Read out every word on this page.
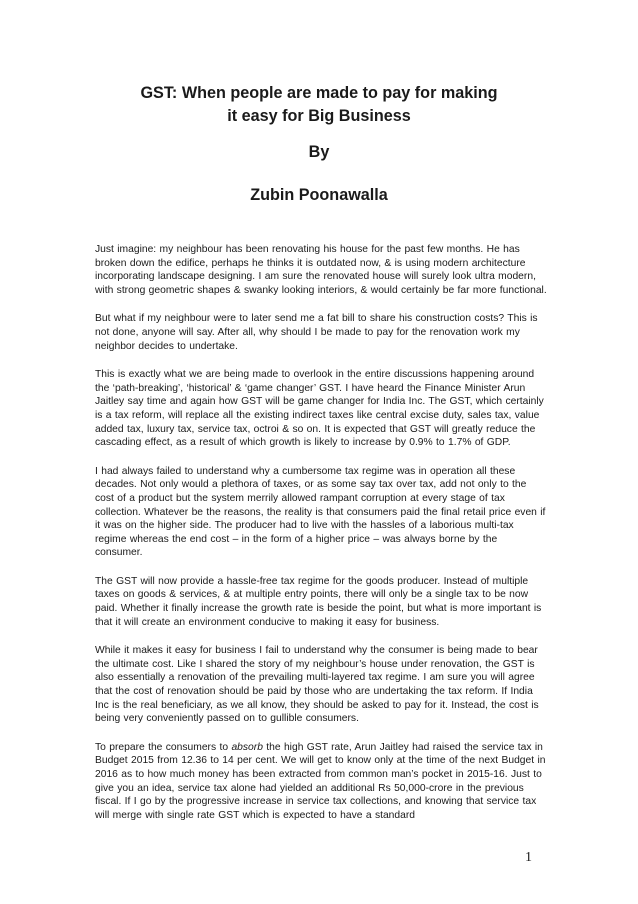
GST: When people are made to pay for making
it easy for Big Business

By

Zubin Poonawalla

Just imagine: my neighbour has been renovating his house for the past few months. He has broken down the edifice, perhaps he thinks it is outdated now, & is using modern architecture incorporating landscape designing. I am sure the renovated house will surely look ultra modern, with strong geometric shapes & swanky looking interiors, & would certainly be far more functional.

But what if my neighbour were to later send me a fat bill to share his construction costs? This is not done, anyone will say. After all, why should I be made to pay for the renovation work my neighbor decides to undertake.

This is exactly what we are being made to overlook in the entire discussions happening around the ‘path-breaking’, ‘historical’ & ‘game changer’ GST. I have heard the Finance Minister Arun Jaitley say time and again how GST will be game changer for India Inc. The GST, which certainly is a tax reform, will replace all the existing indirect taxes like central excise duty, sales tax, value added tax, luxury tax, service tax, octroi & so on. It is expected that GST will greatly reduce the cascading effect, as a result of which growth is likely to increase by 0.9% to 1.7% of GDP.

I had always failed to understand why a cumbersome tax regime was in operation all these decades. Not only would a plethora of taxes, or as some say tax over tax, add not only to the cost of a product but the system merrily allowed rampant corruption at every stage of tax collection. Whatever be the reasons, the reality is that consumers paid the final retail price even if it was on the higher side. The producer had to live with the hassles of a laborious multi-tax regime whereas the end cost – in the form of a higher price – was always borne by the consumer.

The GST will now provide a hassle-free tax regime for the goods producer. Instead of multiple taxes on goods & services, & at multiple entry points, there will only be a single tax to be now paid. Whether it finally increase the growth rate is beside the point, but what is more important is that it will create an environment conducive to making it easy for business.

While it makes it easy for business I fail to understand why the consumer is being made to bear the ultimate cost. Like I shared the story of my neighbour’s house under renovation, the GST is also essentially a renovation of the prevailing multi-layered tax regime. I am sure you will agree that the cost of renovation should be paid by those who are undertaking the tax reform. If India Inc is the real beneficiary, as we all know, they should be asked to pay for it. Instead, the cost is being very conveniently passed on to gullible consumers.

To prepare the consumers to absorb the high GST rate, Arun Jaitley had raised the service tax in Budget 2015 from 12.36 to 14 per cent. We will get to know only at the time of the next Budget in 2016 as to how much money has been extracted from common man’s pocket in 2015-16. Just to give you an idea, service tax alone had yielded an additional Rs 50,000-crore in the previous fiscal. If I go by the progressive increase in service tax collections, and knowing that service tax will merge with single rate GST which is expected to have a standard

1
